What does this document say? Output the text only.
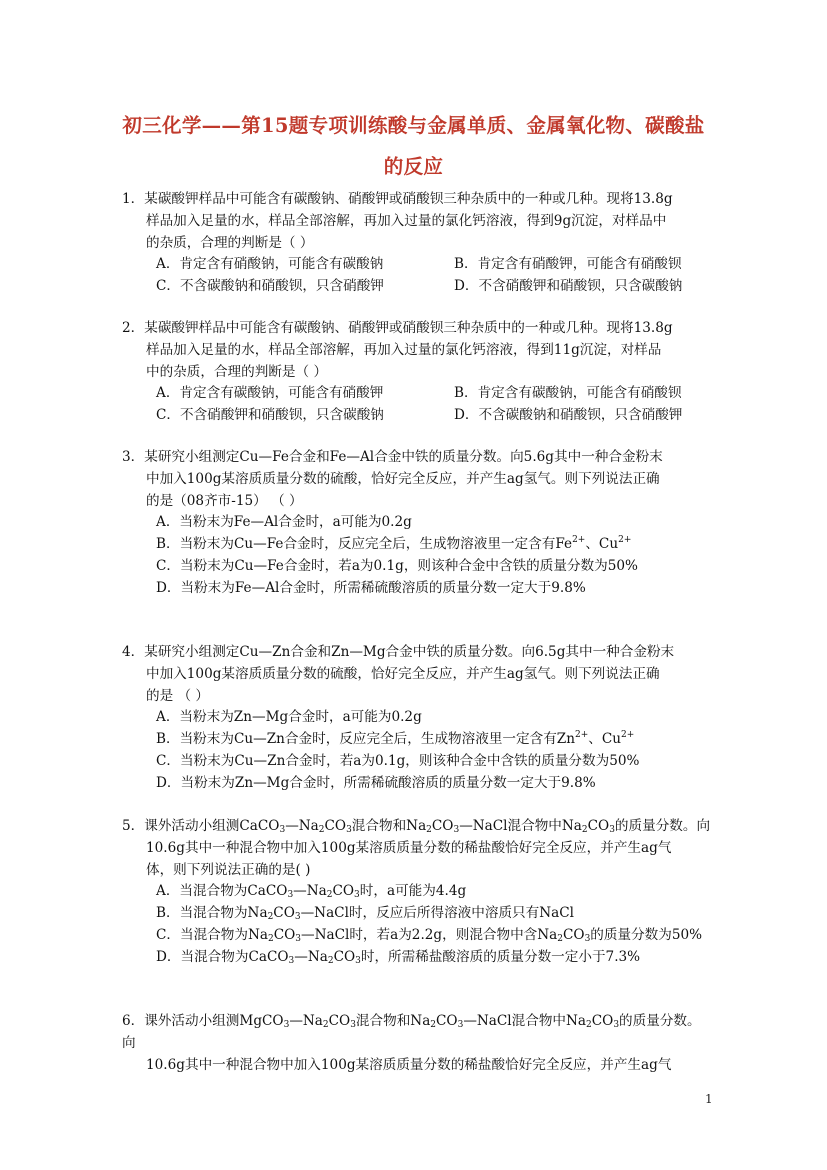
初三化学——第15题专项训练酸与金属单质、金属氧化物、碳酸盐
的反应
1．某碳酸钾样品中可能含有碳酸钠、硝酸钾或硝酸钡三种杂质中的一种或几种。现将13.8g
样品加入足量的水，样品全部溶解，再加入过量的氯化钙溶液，得到9g沉淀，对样品中
的杂质，合理的判断是（ ）
A．肯定含有硝酸钠，可能含有碳酸钠	B．肯定含有硝酸钾，可能含有硝酸钡
C．不含碳酸钠和硝酸钡，只含硝酸钾	D．不含硝酸钾和硝酸钡，只含碳酸钠
2．某碳酸钾样品中可能含有碳酸钠、硝酸钾或硝酸钡三种杂质中的一种或几种。现将13.8g
样品加入足量的水，样品全部溶解，再加入过量的氯化钙溶液，得到11g沉淀，对样品
中的杂质，合理的判断是（ ）
A．肯定含有碳酸钠，可能含有硝酸钾	B．肯定含有碳酸钠，可能含有硝酸钡
C．不含硝酸钾和硝酸钡，只含碳酸钠	D．不含碳酸钠和硝酸钡，只含硝酸钾
3．某研究小组测定Cu—Fe合金和Fe—Al合金中铁的质量分数。向5.6g其中一种合金粉末
中加入100g某溶质质量分数的硫酸，恰好完全反应，并产生ag氢气。则下列说法正确
的是（08齐市-15） （ ）
A．当粉末为Fe—Al合金时，a可能为0.2g
B．当粉末为Cu—Fe合金时，反应完全后，生成物溶液里一定含有$Fe^{2+}$、$Cu^{2+}$
C．当粉末为Cu—Fe合金时，若a为0.1g，则该种合金中含铁的质量分数为50%
D．当粉末为Fe—Al合金时，所需稀硫酸溶质的质量分数一定大于9.8%
4．某研究小组测定Cu—Zn合金和Zn—Mg合金中铁的质量分数。向6.5g其中一种合金粉末
中加入100g某溶质质量分数的硫酸，恰好完全反应，并产生ag氢气。则下列说法正确
的是 （ ）
A．当粉末为Zn—Mg合金时，a可能为0.2g
B．当粉末为Cu—Zn合金时，反应完全后，生成物溶液里一定含有$Zn^{2+}$、$Cu^{2+}$
C．当粉末为Cu—Zn合金时，若a为0.1g，则该种合金中含铁的质量分数为50%
D．当粉末为Zn—Mg合金时，所需稀硫酸溶质的质量分数一定大于9.8%
5．课外活动小组测$CaCO_3—Na_2CO_3$混合物和$Na_2CO_3—NaCl$混合物中$Na_2CO_3$的质量分数。向
10.6g其中一种混合物中加入100g某溶质质量分数的稀盐酸恰好完全反应，并产生ag气
体，则下列说法正确的是( )
A．当混合物为$CaCO_3—Na_2CO_3$时，a可能为4.4g
B．当混合物为$Na_2CO_3—NaCl$时，反应后所得溶液中溶质只有NaCl
C．当混合物为$Na_2CO_3—NaCl$时，若a为2.2g，则混合物中含$Na_2CO_3$的质量分数为50%
D．当混合物为$CaCO_3—Na_2CO_3$时，所需稀盐酸溶质的质量分数一定小于7.3%
6．课外活动小组测$MgCO_3—Na_2CO_3$混合物和$Na_2CO_3—NaCl$混合物中$Na_2CO_3$的质量分数。向
10.6g其中一种混合物中加入100g某溶质质量分数的稀盐酸恰好完全反应，并产生ag气
1
